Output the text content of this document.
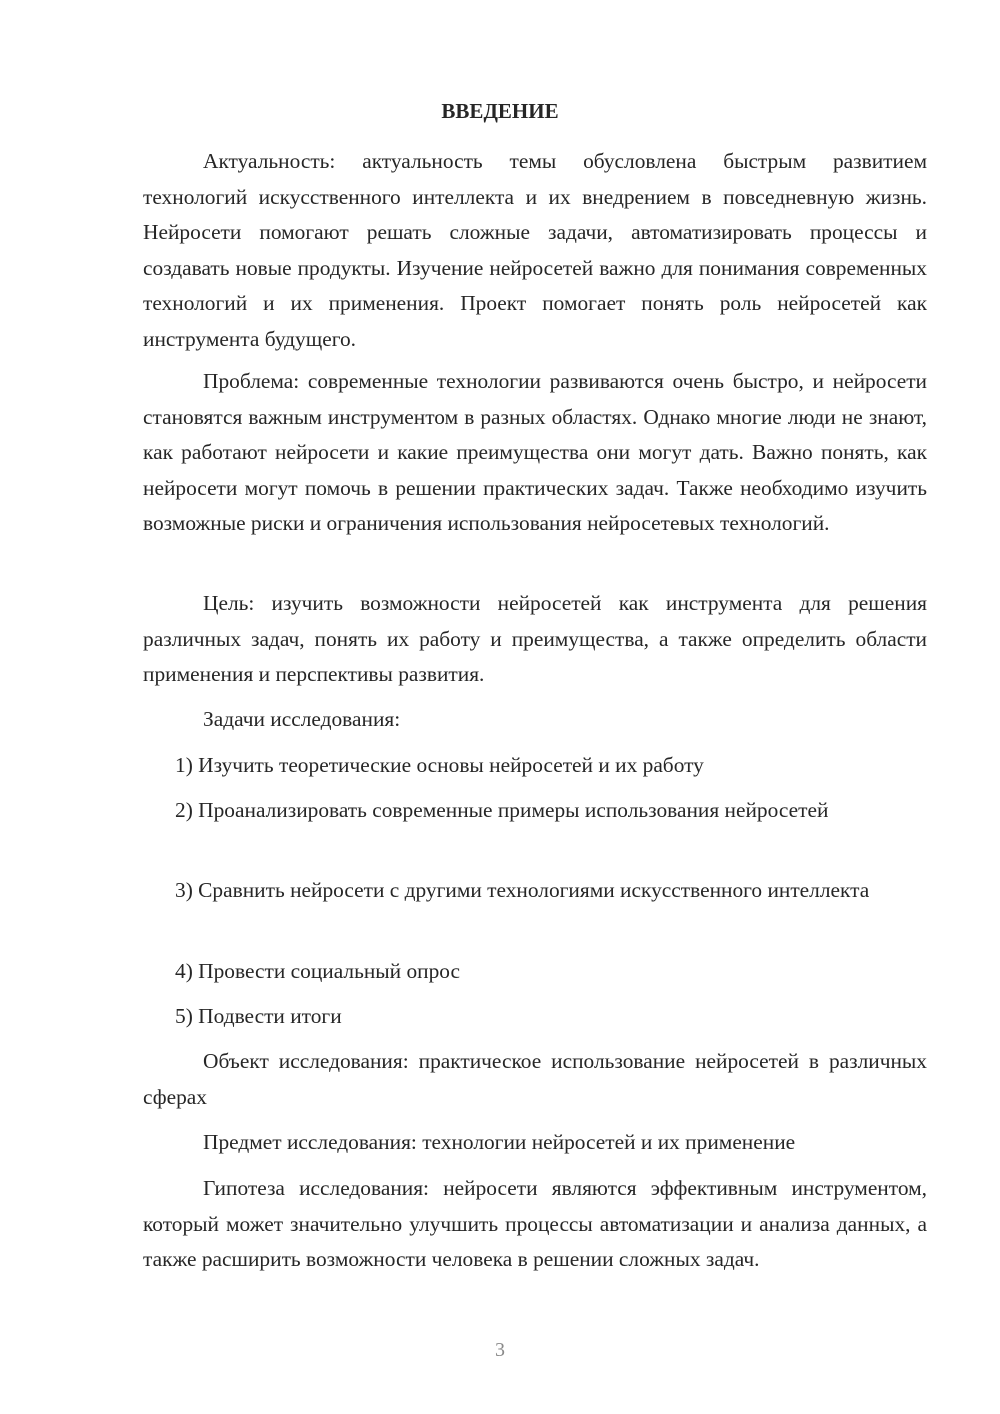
ВВЕДЕНИЕ

Актуальность: актуальность темы обусловлена быстрым развитием технологий искусственного интеллекта и их внедрением в повседневную жизнь. Нейросети помогают решать сложные задачи, автоматизировать процессы и создавать новые продукты. Изучение нейросетей важно для понимания современных технологий и их применения. Проект помогает понять роль нейросетей как инструмента будущего.

Проблема: современные технологии развиваются очень быстро, и нейросети становятся важным инструментом в разных областях. Однако многие люди не знают, как работают нейросети и какие преимущества они могут дать. Важно понять, как нейросети могут помочь в решении практических задач. Также необходимо изучить возможные риски и ограничения использования нейросетевых технологий.

Цель: изучить возможности нейросетей как инструмента для решения различных задач, понять их работу и преимущества, а также определить области применения и перспективы развития.

Задачи исследования:

1) Изучить теоретические основы нейросетей и их работу

2) Проанализировать современные примеры использования нейросетей

3) Сравнить нейросети с другими технологиями искусственного интеллекта

4) Провести социальный опрос

5) Подвести итоги

Объект исследования: практическое использование нейросетей в различных сферах

Предмет исследования: технологии нейросетей и их применение

Гипотеза исследования: нейросети являются эффективным инструментом, который может значительно улучшить процессы автоматизации и анализа данных, а также расширить возможности человека в решении сложных задач.

3
